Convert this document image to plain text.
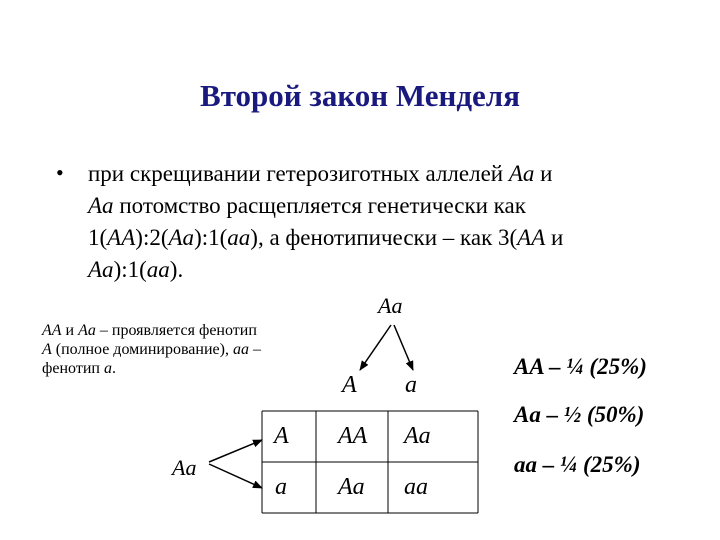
Второй закон Менделя
• при скрещивании гетерозиготных аллелей Aa и
Aa потомство расщепляется генетически как
1(AA):2(Aa):1(aa), а фенотипически – как 3(AA и
Aa):1(aa).
AA и Aa – проявляется фенотип A (полное доминирование), aa – фенотип a.
Aa
Aa
A a
A
a
AA Aa
Aa aa
AA – ¼ (25%)
Aa – ½ (50%)
aa – ¼ (25%)
